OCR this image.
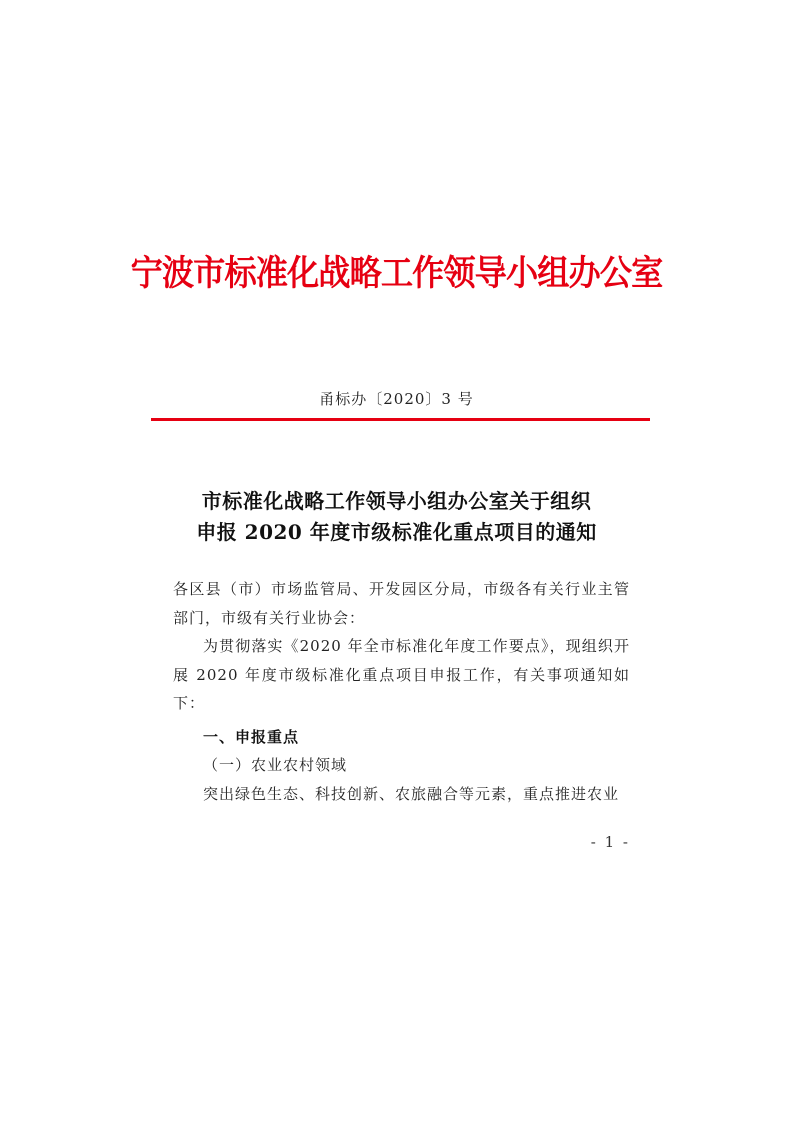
宁波市标准化战略工作领导小组办公室
甬标办〔2020〕3 号
市标准化战略工作领导小组办公室关于组织
申报 2020 年度市级标准化重点项目的通知
各区县（市）市场监管局、开发园区分局，市级各有关行业主管部门，市级有关行业协会：
为贯彻落实《2020 年全市标准化年度工作要点》，现组织开展 2020 年度市级标准化重点项目申报工作，有关事项通知如下：
一、申报重点
（一）农业农村领域
突出绿色生态、科技创新、农旅融合等元素，重点推进农业
- 1 -
